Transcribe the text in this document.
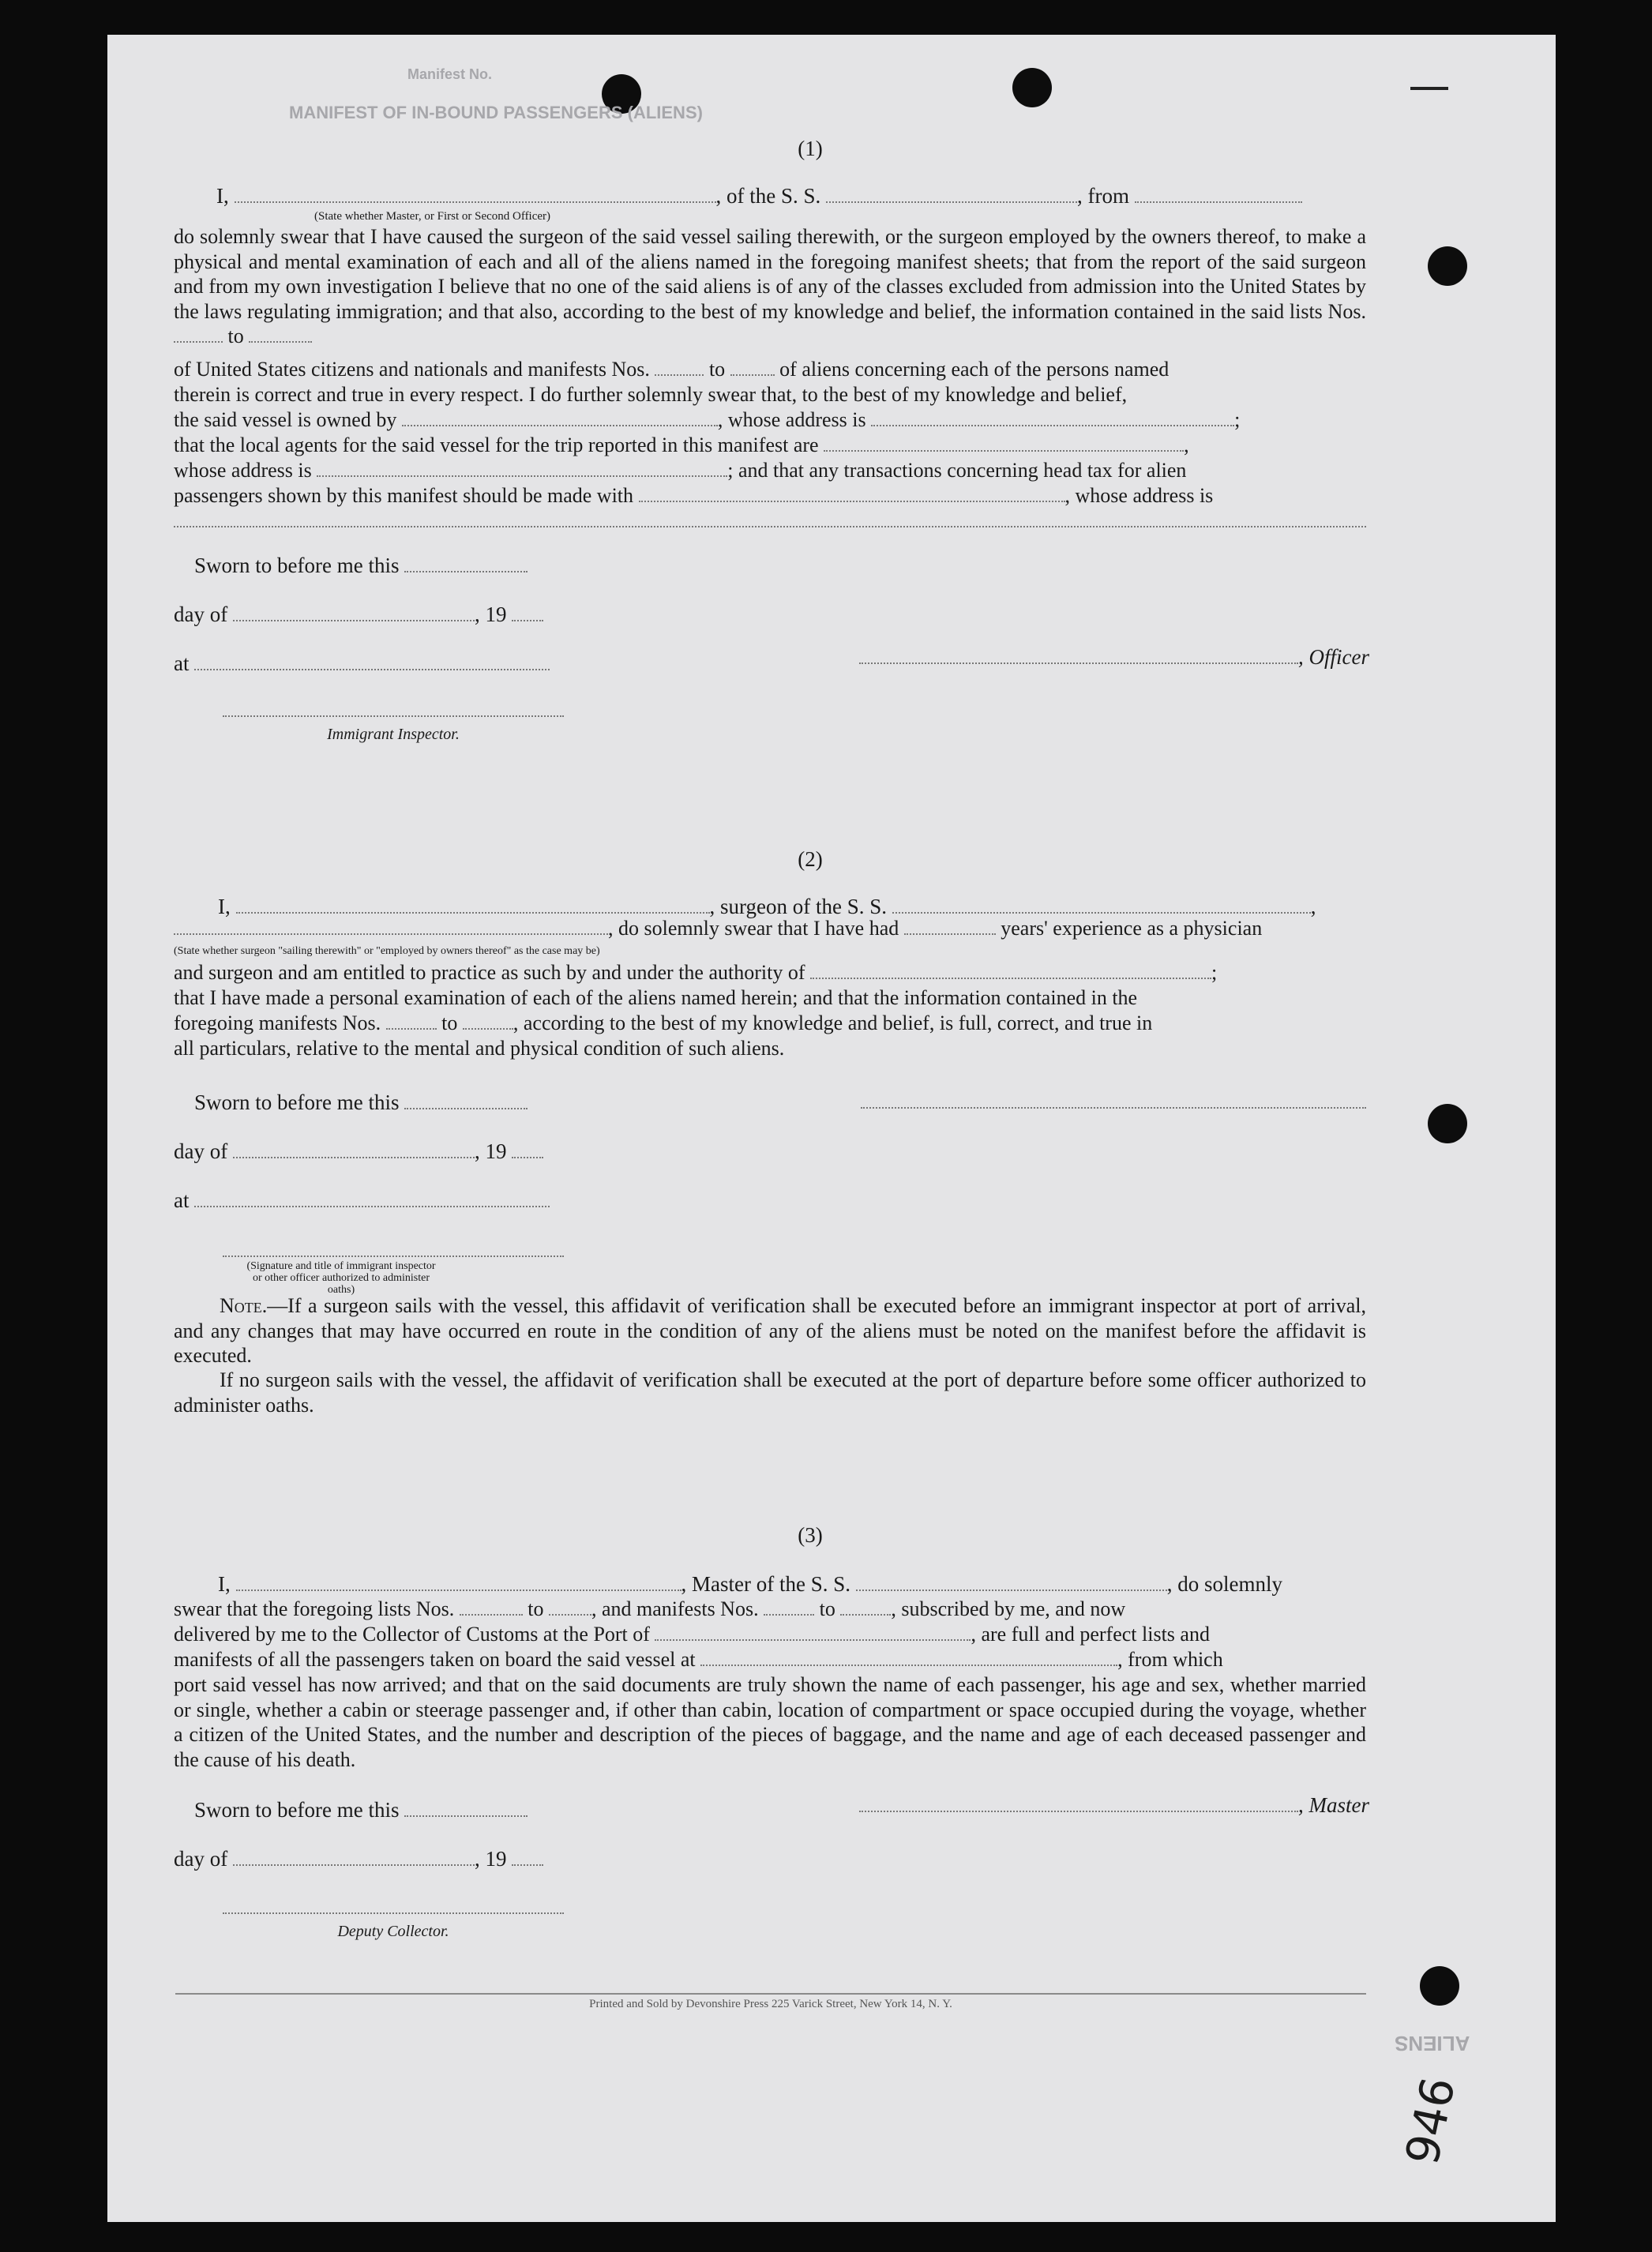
MANIFEST OF IN-BOUND PASSENGERS (ALIENS)
Manifest No.
(1)
I,	, of the S. S.	, from
(State whether Master, or First or Second Officer)
do solemnly swear that I have caused the surgeon of the said vessel sailing therewith, or the surgeon employed by the owners thereof, to make a physical and mental examination of each and all of the aliens named in the foregoing manifest sheets; that from the report of the said surgeon and from my own investigation I believe that no one of the said aliens is of any of the classes excluded from admission into the United States by the laws regulating immigration; and that also, according to the best of my knowledge and belief, the information contained in the said lists Nos.  to
of United States citizens and nationals and manifests Nos.	to	of aliens concerning each of the persons named
therein is correct and true in every respect. I do further solemnly swear that, to the best of my knowledge and belief,
the said vessel is owned by	, whose address is	;
that the local agents for the said vessel for the trip reported in this manifest are	,
whose address is	; and that any transactions concerning head tax for alien
passengers shown by this manifest should be made with	, whose address is
Sworn to before me this
day of	, 19
at	, Officer
Immigrant Inspector.
(2)
I,	, surgeon of the S. S.	,
, do solemnly swear that I have had	years' experience as a physician
(State whether surgeon "sailing therewith" or "employed by owners thereof" as the case may be)
and surgeon and am entitled to practice as such by and under the authority of	;
that I have made a personal examination of each of the aliens named herein; and that the information contained in the
foregoing manifests Nos.	to	, according to the best of my knowledge and belief, is full, correct, and true in
all particulars, relative to the mental and physical condition of such aliens.
Sworn to before me this
day of	, 19
at
(Signature and title of immigrant inspector or other officer authorized to administer oaths)
Note.—If a surgeon sails with the vessel, this affidavit of verification shall be executed before an immigrant inspector at port of arrival, and any changes that may have occurred en route in the condition of any of the aliens must be noted on the manifest before the affidavit is executed.
If no surgeon sails with the vessel, the affidavit of verification shall be executed at the port of departure before some officer authorized to administer oaths.
(3)
I,	, Master of the S. S.	, do solemnly
swear that the foregoing lists Nos.	to , and manifests Nos.	to	, subscribed by me, and now
delivered by me to the Collector of Customs at the Port of	, are full and perfect lists and
manifests of all the passengers taken on board the said vessel at	, from which
port said vessel has now arrived; and that on the said documents are truly shown the name of each passenger, his age and sex, whether married or single, whether a cabin or steerage passenger and, if other than cabin, location of compartment or space occupied during the voyage, whether a citizen of the United States, and the number and description of the pieces of baggage, and the name and age of each deceased passenger and the cause of his death.
Sworn to before me this	, Master
day of	, 19
Deputy Collector.
Printed and Sold by Devonshire Press 225 Varick Street, New York 14, N. Y.
ALIENS
946
